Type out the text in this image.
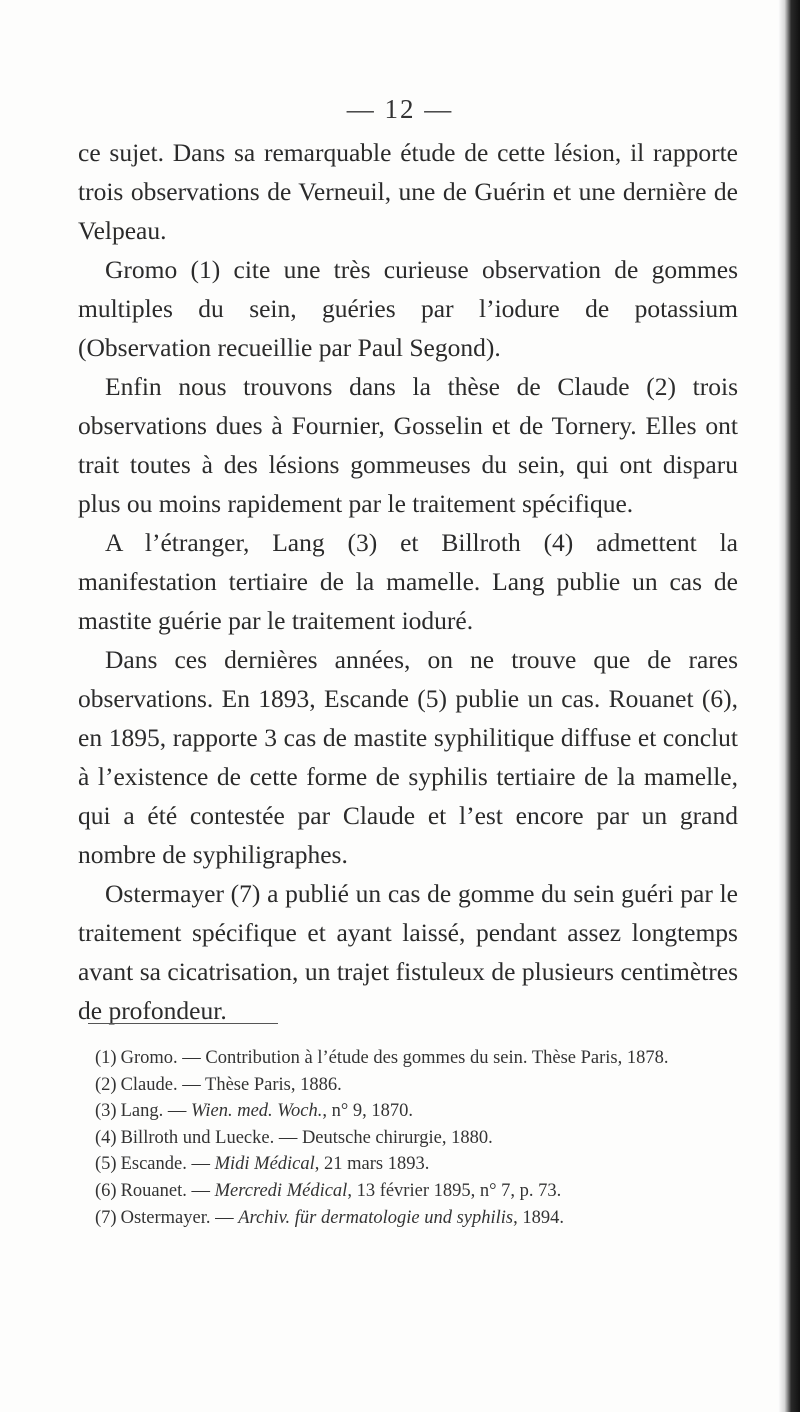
— 12 —

ce sujet. Dans sa remarquable étude de cette lésion, il rapporte trois observations de Verneuil, une de Guérin et une dernière de Velpeau.

Gromo (1) cite une très curieuse observation de gommes multiples du sein, guéries par l’iodure de potassium (Observation recueillie par Paul Segond).

Enfin nous trouvons dans la thèse de Claude (2) trois observations dues à Fournier, Gosselin et de Tornery. Elles ont trait toutes à des lésions gommeuses du sein, qui ont disparu plus ou moins rapidement par le traitement spécifique.

A l’étranger, Lang (3) et Billroth (4) admettent la manifestation tertiaire de la mamelle. Lang publie un cas de mastite guérie par le traitement ioduré.

Dans ces dernières années, on ne trouve que de rares observations. En 1893, Escande (5) publie un cas. Rouanet (6), en 1895, rapporte 3 cas de mastite syphilitique diffuse et conclut à l’existence de cette forme de syphilis tertiaire de la mamelle, qui a été contestée par Claude et l’est encore par un grand nombre de syphiligraphes.

Ostermayer (7) a publié un cas de gomme du sein guéri par le traitement spécifique et ayant laissé, pendant assez longtemps avant sa cicatrisation, un trajet fistuleux de plusieurs centimètres de profondeur.

(1) Gromo. — Contribution à l’étude des gommes du sein. Thèse Paris, 1878.

(2) Claude. — Thèse Paris, 1886.

(3) Lang. — Wien. med. Woch., n° 9, 1870.

(4) Billroth und Luecke. — Deutsche chirurgie, 1880.

(5) Escande. — Midi Médical, 21 mars 1893.

(6) Rouanet. — Mercredi Médical, 13 février 1895, n° 7, p. 73.

(7) Ostermayer. — Archiv. für dermatologie und syphilis, 1894.
